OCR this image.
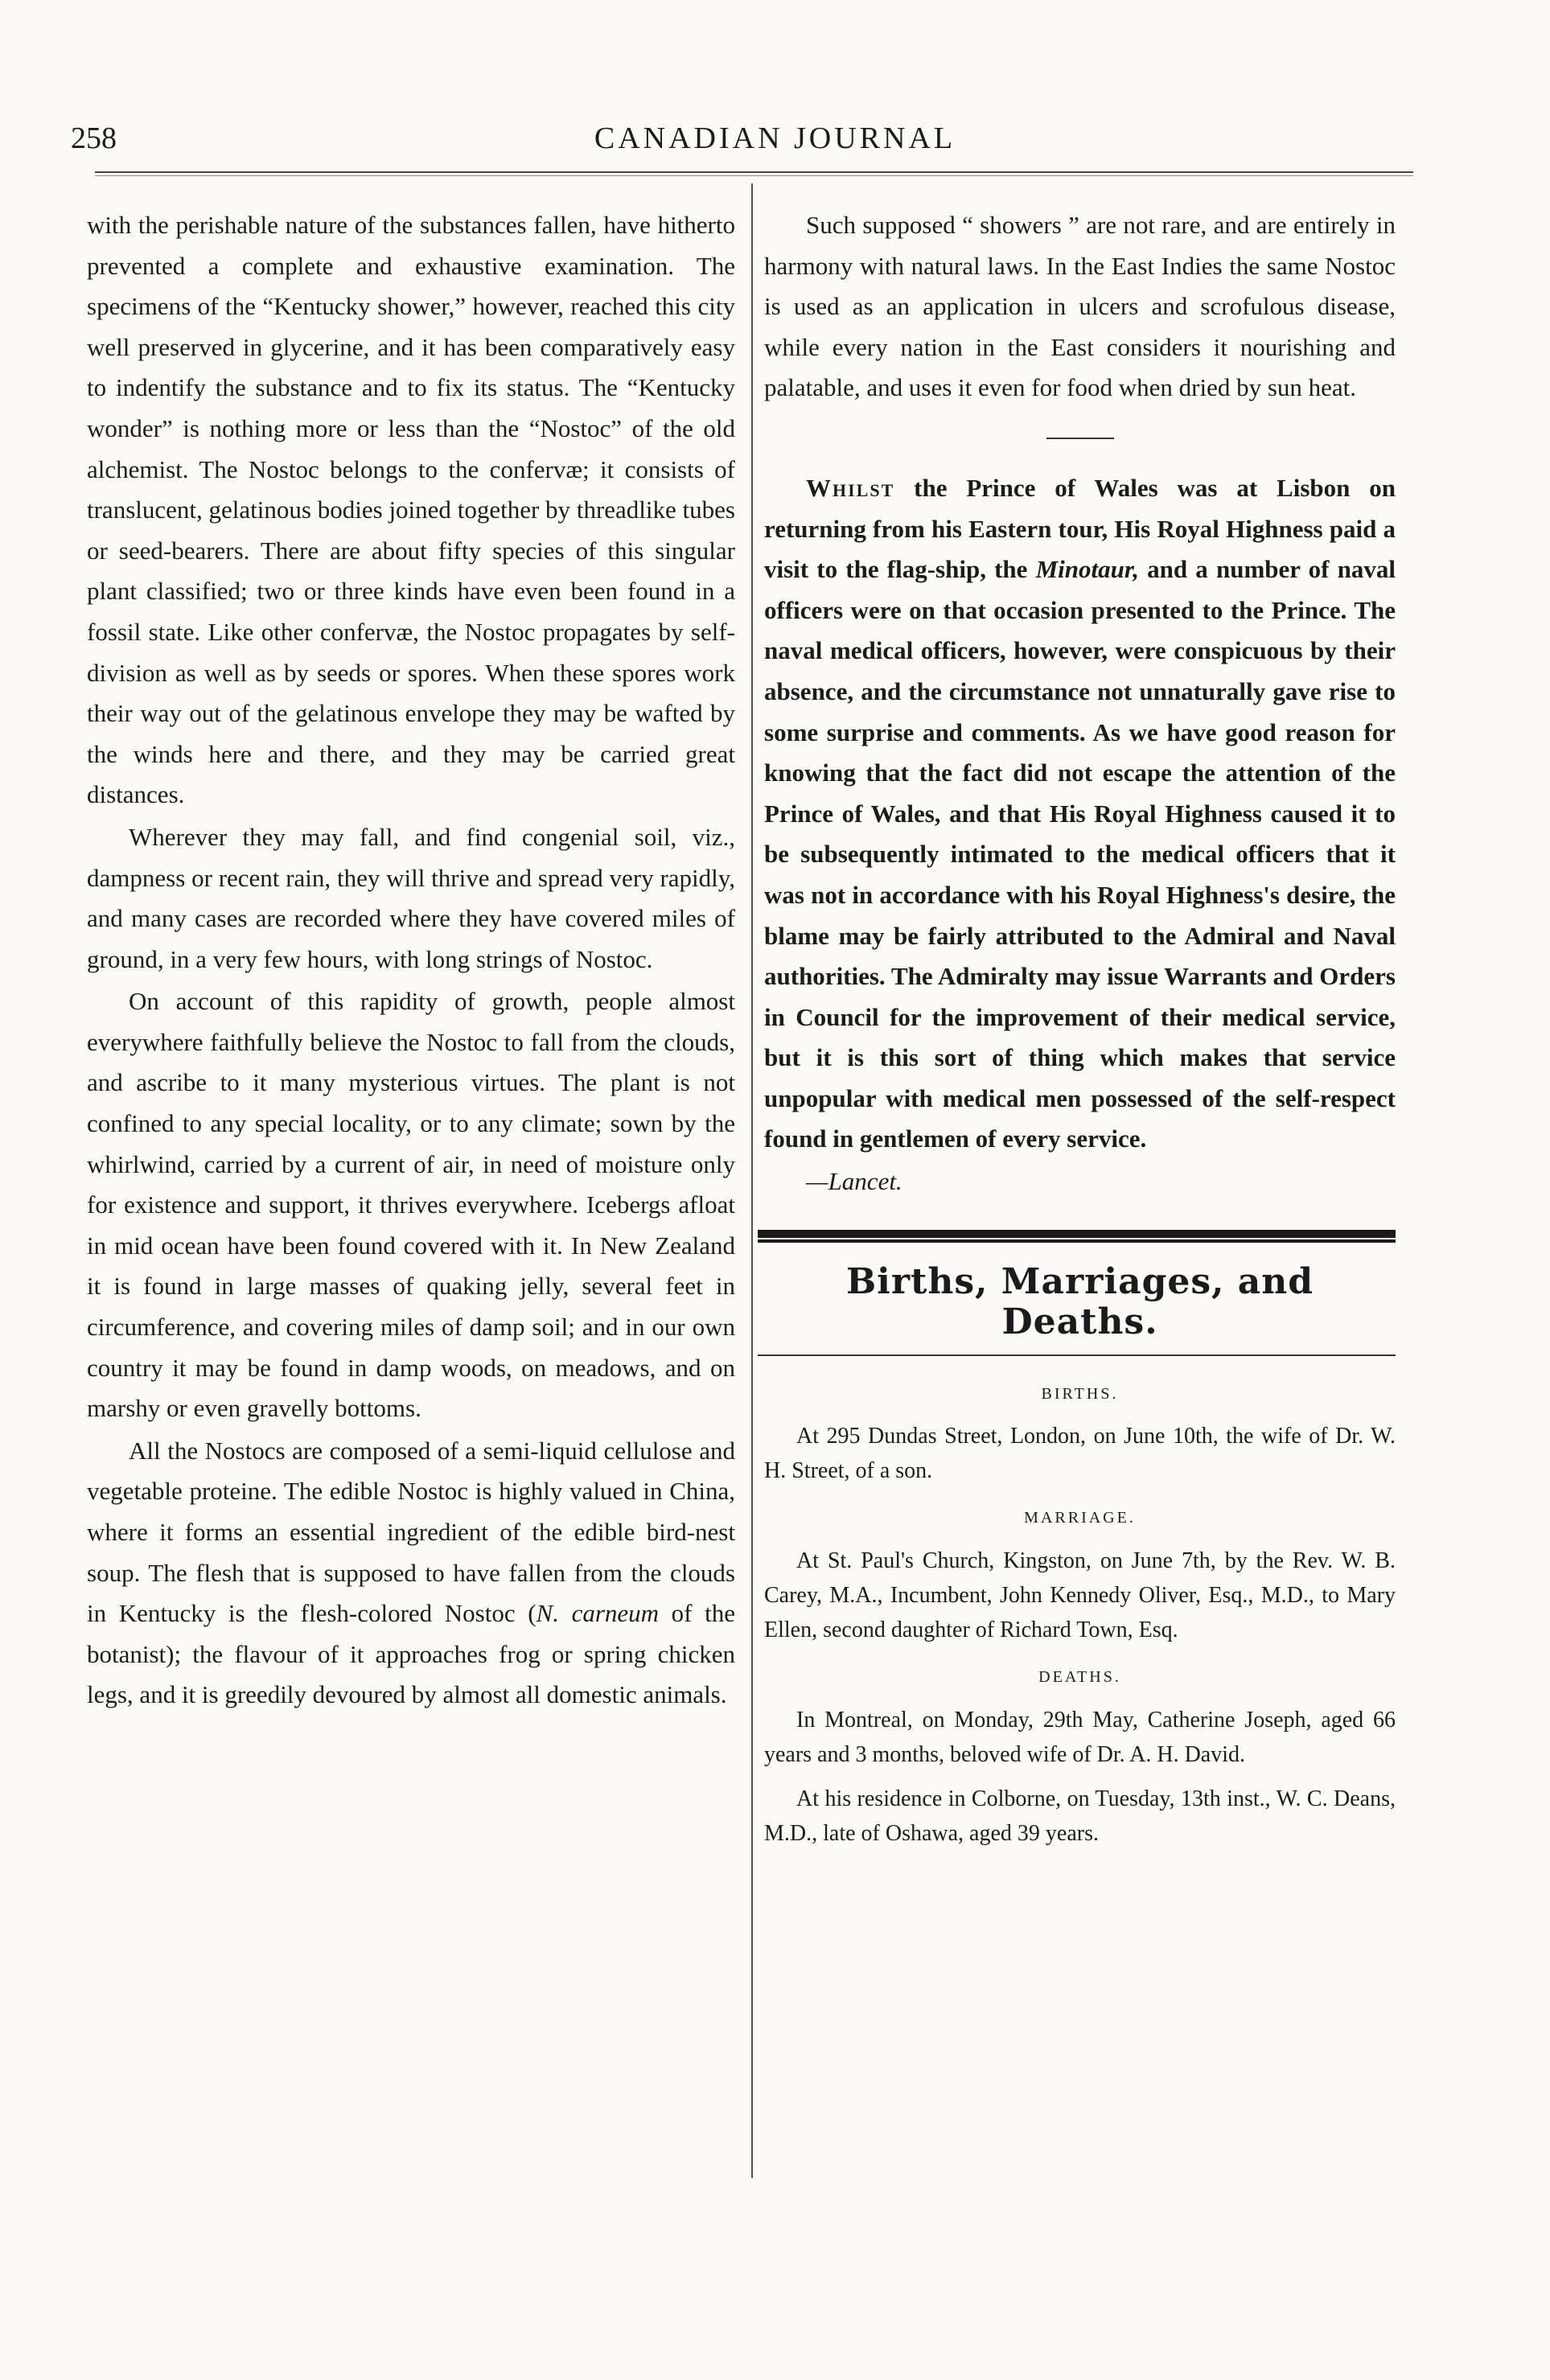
258	CANADIAN JOURNAL

with the perishable nature of the substances fallen, have hitherto prevented a complete and exhaustive examination. The specimens of the “Kentucky shower,” however, reached this city well preserved in glycerine, and it has been comparatively easy to indentify the substance and to fix its status. The “Kentucky wonder” is nothing more or less than the “Nostoc” of the old alchemist. The Nostoc belongs to the confervæ; it consists of translucent, gelatinous bodies joined together by threadlike tubes or seed-bearers. There are about fifty species of this singular plant classified; two or three kinds have even been found in a fossil state. Like other confervæ, the Nostoc propagates by self-division as well as by seeds or spores. When these spores work their way out of the gelatinous envelope they may be wafted by the winds here and there, and they may be carried great distances.

Wherever they may fall, and find congenial soil, viz., dampness or recent rain, they will thrive and spread very rapidly, and many cases are recorded where they have covered miles of ground, in a very few hours, with long strings of Nostoc.

On account of this rapidity of growth, people almost everywhere faithfully believe the Nostoc to fall from the clouds, and ascribe to it many mysterious virtues. The plant is not confined to any special locality, or to any climate; sown by the whirlwind, carried by a current of air, in need of moisture only for existence and support, it thrives everywhere. Icebergs afloat in mid ocean have been found covered with it. In New Zealand it is found in large masses of quaking jelly, several feet in circumference, and covering miles of damp soil; and in our own country it may be found in damp woods, on meadows, and on marshy or even gravelly bottoms.

All the Nostocs are composed of a semi-liquid cellulose and vegetable proteine. The edible Nostoc is highly valued in China, where it forms an essential ingredient of the edible bird-nest soup. The flesh that is supposed to have fallen from the clouds in Kentucky is the flesh-colored Nostoc (N. carneum of the botanist); the flavour of it approaches frog or spring chicken legs, and it is greedily devoured by almost all domestic animals.

Such supposed “ showers ” are not rare, and are entirely in harmony with natural laws. In the East Indies the same Nostoc is used as an application in ulcers and scrofulous disease, while every nation in the East considers it nourishing and palatable, and uses it even for food when dried by sun heat.

Whilst the Prince of Wales was at Lisbon on returning from his Eastern tour, His Royal Highness paid a visit to the flag-ship, the Minotaur, and a number of naval officers were on that occasion presented to the Prince. The naval medical officers, however, were conspicuous by their absence, and the circumstance not unnaturally gave rise to some surprise and comments. As we have good reason for knowing that the fact did not escape the attention of the Prince of Wales, and that His Royal Highness caused it to be subsequently intimated to the medical officers that it was not in accordance with his Royal Highness's desire, the blame may be fairly attributed to the Admiral and Naval authorities. The Admiralty may issue Warrants and Orders in Council for the improvement of their medical service, but it is this sort of thing which makes that service unpopular with medical men possessed of the self-respect found in gentlemen of every service.

—Lancet.

Births, Marriages, and Deaths.
BIRTHS.

At 295 Dundas Street, London, on June 10th, the wife of Dr. W. H. Street, of a son.

MARRIAGE.

At St. Paul's Church, Kingston, on June 7th, by the Rev. W. B. Carey, M.A., Incumbent, John Kennedy Oliver, Esq., M.D., to Mary Ellen, second daughter of Richard Town, Esq.

DEATHS.

In Montreal, on Monday, 29th May, Catherine Joseph, aged 66 years and 3 months, beloved wife of Dr. A. H. David.

At his residence in Colborne, on Tuesday, 13th inst., W. C. Deans, M.D., late of Oshawa, aged 39 years.
